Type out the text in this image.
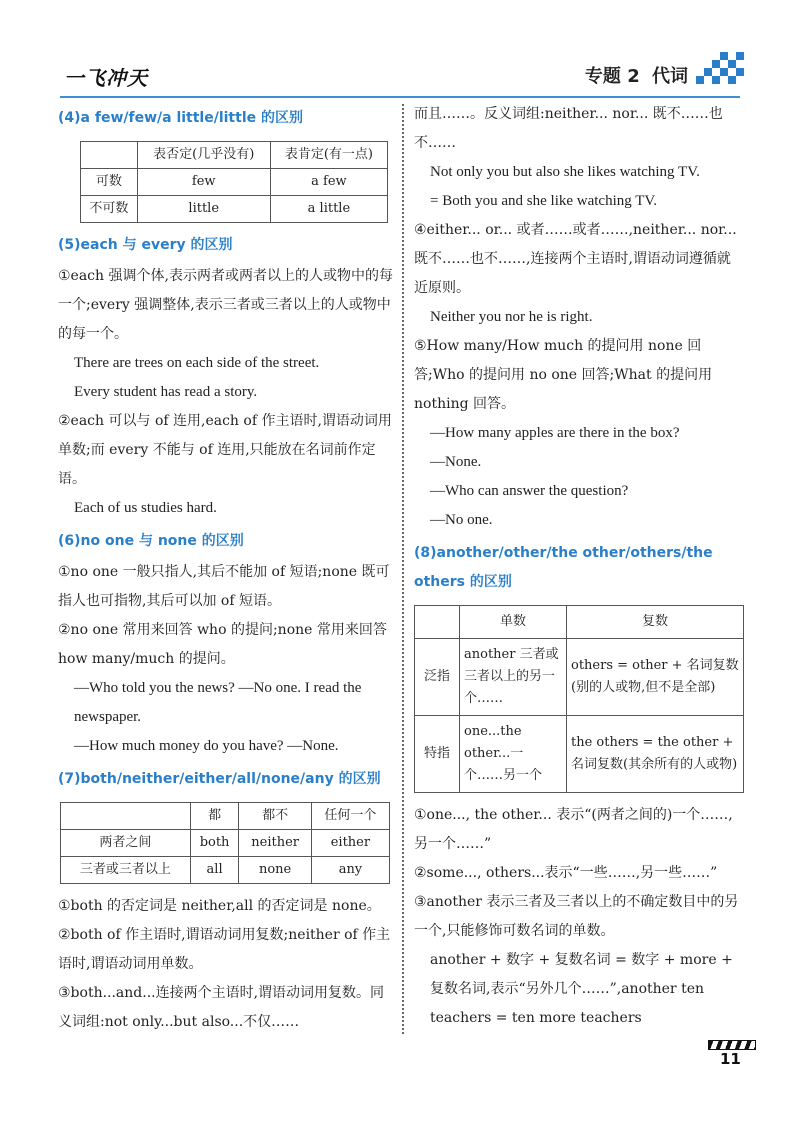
一飞冲天	专题 2 代词
(4)a few/few/a little/little 的区别
	表否定(几乎没有)	表肯定(有一点)
可数	few	a few
不可数	little	a little
(5)each 与 every 的区别

①each 强调个体,表示两者或两者以上的人或物中的每一个;every 强调整体,表示三者或三者以上的人或物中的每一个。

There are trees on each side of the street.

Every student has read a story.

②each 可以与 of 连用,each of 作主语时,谓语动词用单数;而 every 不能与 of 连用,只能放在名词前作定语。

Each of us studies hard.

(6)no one 与 none 的区别

①no one 一般只指人,其后不能加 of 短语;none 既可指人也可指物,其后可以加 of 短语。

②no one 常用来回答 who 的提问;none 常用来回答 how many/much 的提问。

—Who told you the news? —No one. I read the newspaper.

—How much money do you have? —None.

(7)both/neither/either/all/none/any 的区别
	都	都不	任何一个
两者之间	both	neither	either
三者或三者以上	all	none	any

①both 的否定词是 neither,all 的否定词是 none。

②both of 作主语时,谓语动词用复数;neither of 作主语时,谓语动词用单数。

③both...and...连接两个主语时,谓语动词用复数。同义词组:not only...but also...不仅……

而且……。反义词组:neither... nor... 既不……也不……

Not only you but also she likes watching TV.

= Both you and she like watching TV.

④either... or... 或者……或者……,neither... nor...既不……也不……,连接两个主语时,谓语动词遵循就近原则。

Neither you nor he is right.

⑤How many/How much 的提问用 none 回答;Who 的提问用 no one 回答;What 的提问用 nothing 回答。

—How many apples are there in the box?

—None.

—Who can answer the question?

—No one.

(8)another/other/the other/others/the others 的区别
	单数	复数
泛指	another 三者或三者以上的另一个……	others = other + 名词复数(别的人或物,但不是全部)
特指	one...the other...一个……另一个	the others = the other + 名词复数(其余所有的人或物)

①one..., the other... 表示“(两者之间的)一个……,另一个……”

②some..., others...表示“一些……,另一些……”

③another 表示三者及三者以上的不确定数目中的另一个,只能修饰可数名词的单数。

another + 数字 + 复数名词 = 数字 + more + 复数名词,表示“另外几个……”,another ten teachers = ten more teachers

11
